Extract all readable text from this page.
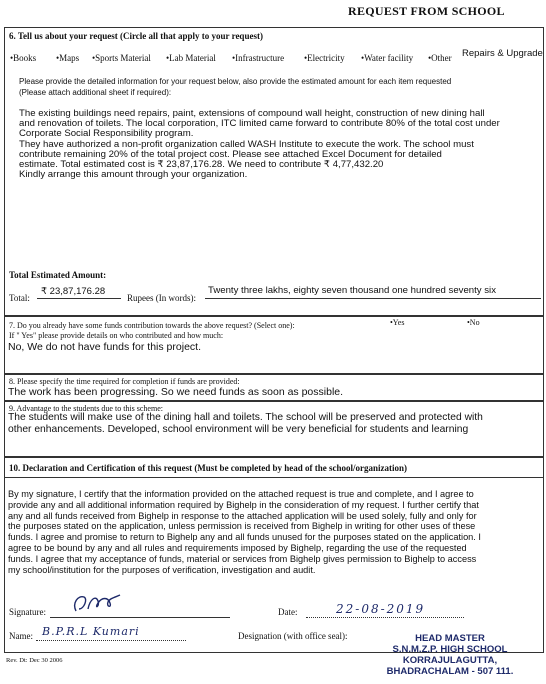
REQUEST FROM SCHOOL
6. Tell us about your request (Circle all that apply to your request)
•Books •Maps •Sports Material •Lab Material •Infrastructure •Electricity •Water facility •Other Repairs & Upgrade
Please provide the detailed information for your request below, also provide the estimated amount for each item requested
(Please attach additional sheet if required):
The existing buildings need repairs, paint, extensions of compound wall height, construction of new dining hall
and renovation of toilets. The local corporation, ITC limited came forward to contribute 80% of the total cost under
Corporate Social Responsibility program.
They have authorized a non-profit organization called WASH Institute to execute the work. The school must
contribute remaining 20% of the total project cost. Please see attached Excel Document for detailed
estimate. Total estimated cost is ₹ 23,87,176.28. We need to contribute ₹ 4,77,432.20
Kindly arrange this amount through your organization.
Total Estimated Amount:
Total:
₹ 23,87,176.28
Rupees (In words):
Twenty three lakhs, eighty seven thousand one hundred seventy six
7. Do you already have some funds contribution towards the above request? (Select one):	•Yes	•No
If " Yes" please provide details on who contributed and how much:
No, We do not have funds for this project.
8. Please specify the time required for completion if funds are provided:
The work has been progressing. So we need funds as soon as possible.
9. Advantage to the students due to this scheme:
The students will make use of the dining hall and toilets. The school will be preserved and protected with
other enhancements. Developed, school environment will be very beneficial for students and learning
10. Declaration and Certification of this request (Must be completed by head of the school/organization)
By my signature, I certify that the information provided on the attached request is true and complete, and I agree to
provide any and all additional information required by Bighelp in the consideration of my request. I further certify that
any and all funds received from Bighelp in response to the attached application will be used solely, fully and only for
the purposes stated on the application, unless permission is received from Bighelp in writing for other uses of these
funds. I agree and promise to return to Bighelp any and all funds unused for the purposes stated on the application. I
agree to be bound by any and all rules and requirements imposed by Bighelp, regarding the use of the requested
funds. I agree that my acceptance of funds, material or services from Bighelp gives permission to Bighelp to access
my school/institution for the purposes of verification, investigation and audit.
Signature:	Date:	22-08-2019
Name: B.P.R.L Kumari	Designation (with office seal):	HEAD MASTER
S.N.M.Z.P. HIGH SCHOOL
KORRAJULAGUTTA,
BHADRACHALAM - 507 111.
Rev. Dt: Dec 30 2006
